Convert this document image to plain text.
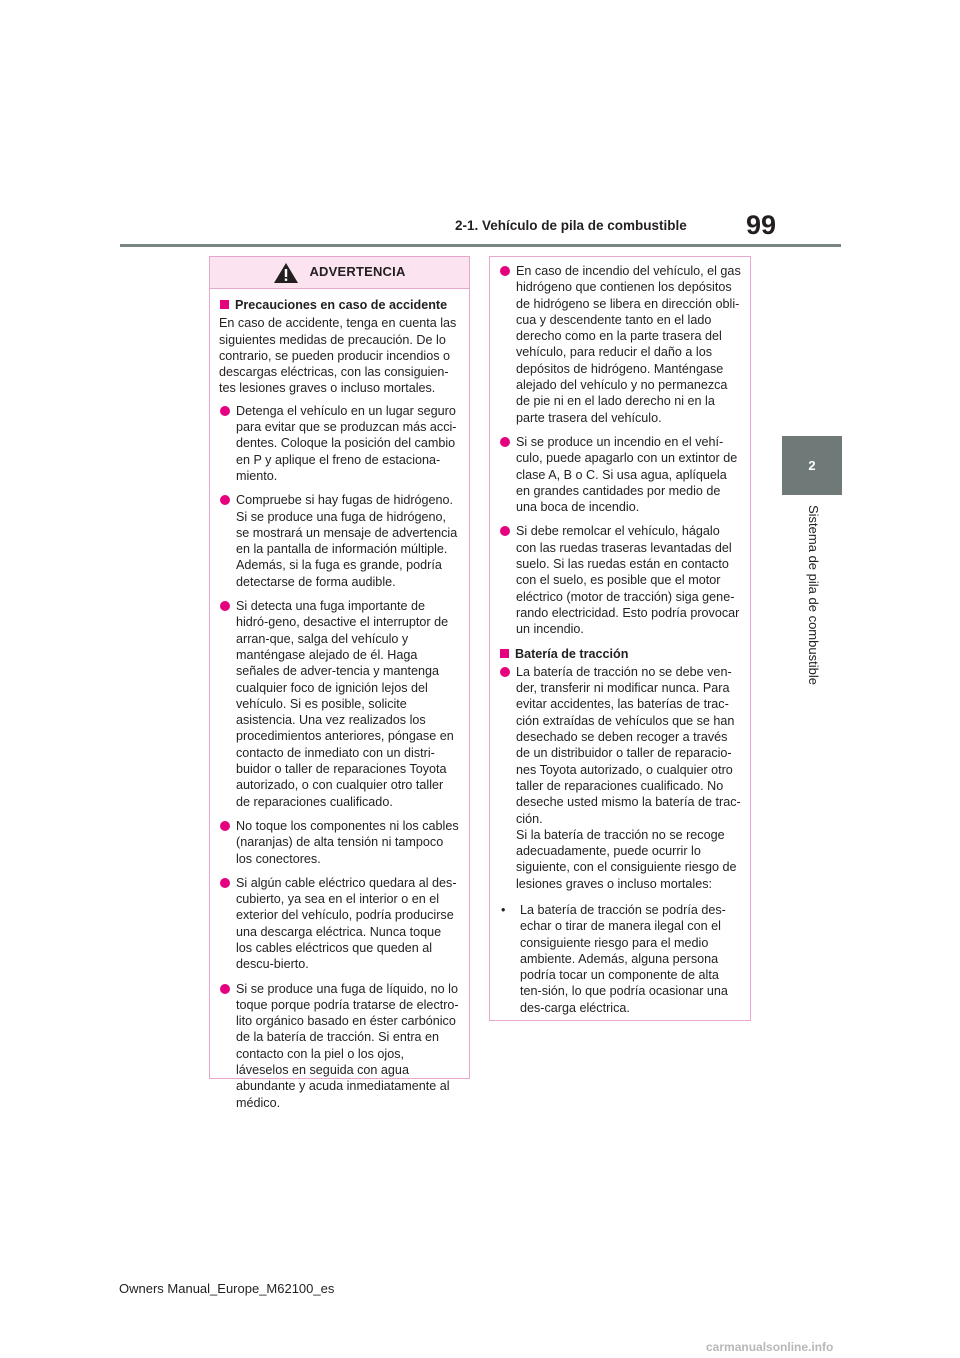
2-1. Vehículo de pila de combustible 99
2
Sistema de pila de combustible
ADVERTENCIA
Precauciones en caso de accidente

En caso de accidente, tenga en cuenta las siguientes medidas de precaución. De lo contrario, se pueden producir incendios o descargas eléctricas, con las consiguien-tes lesiones graves o incluso mortales.

Detenga el vehículo en un lugar seguro para evitar que se produzcan más acci-dentes. Coloque la posición del cambio en P y aplique el freno de estaciona-miento.
Compruebe si hay fugas de hidrógeno. Si se produce una fuga de hidrógeno, se mostrará un mensaje de advertencia en la pantalla de información múltiple. Además, si la fuga es grande, podría detectarse de forma audible.
Si detecta una fuga importante de hidró-geno, desactive el interruptor de arran-que, salga del vehículo y manténgase alejado de él. Haga señales de adver-tencia y mantenga cualquier foco de ignición lejos del vehículo. Si es posible, solicite asistencia. Una vez realizados los procedimientos anteriores, póngase en contacto de inmediato con un distri-buidor o taller de reparaciones Toyota autorizado, o con cualquier otro taller de reparaciones cualificado.
No toque los componentes ni los cables (naranjas) de alta tensión ni tampoco los conectores.
Si algún cable eléctrico quedara al des-cubierto, ya sea en el interior o en el exterior del vehículo, podría producirse una descarga eléctrica. Nunca toque los cables eléctricos que queden al descu-bierto.
Si se produce una fuga de líquido, no lo toque porque podría tratarse de electro-lito orgánico basado en éster carbónico de la batería de tracción. Si entra en contacto con la piel o los ojos, láveselos en seguida con agua abundante y acuda inmediatamente al médico.
En caso de incendio del vehículo, el gas hidrógeno que contienen los depósitos de hidrógeno se libera en dirección obli-cua y descendente tanto en el lado derecho como en la parte trasera del vehículo, para reducir el daño a los depósitos de hidrógeno. Manténgase alejado del vehículo y no permanezca de pie ni en el lado derecho ni en la parte trasera del vehículo.
Si se produce un incendio en el vehí-culo, puede apagarlo con un extintor de clase A, B o C. Si usa agua, aplíquela en grandes cantidades por medio de una boca de incendio.
Si debe remolcar el vehículo, hágalo con las ruedas traseras levantadas del suelo. Si las ruedas están en contacto con el suelo, es posible que el motor eléctrico (motor de tracción) siga gene-rando electricidad. Esto podría provocar un incendio.
Batería de tracción
La batería de tracción no se debe ven-der, transferir ni modificar nunca. Para evitar accidentes, las baterías de trac-ción extraídas de vehículos que se han desechado se deben recoger a través de un distribuidor o taller de reparacio-nes Toyota autorizado, o cualquier otro taller de reparaciones cualificado. No deseche usted mismo la batería de trac-ción.
Si la batería de tracción no se recoge adecuadamente, puede ocurrir lo siguiente, con el consiguiente riesgo de lesiones graves o incluso mortales:
•	La batería de tracción se podría des-echar o tirar de manera ilegal con el consiguiente riesgo para el medio ambiente. Además, alguna persona podría tocar un componente de alta ten-sión, lo que podría ocasionar una des-carga eléctrica.
Owners Manual_Europe_M62100_es
carmanualsonline.info
